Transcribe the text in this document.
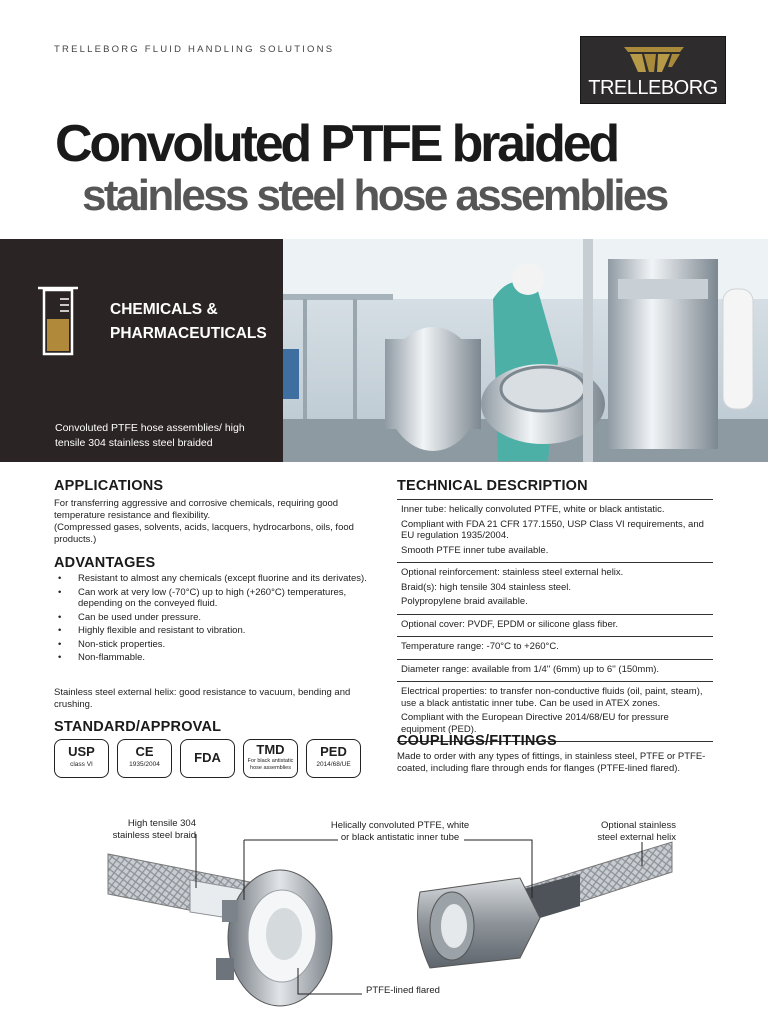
TRELLEBORG FLUID HANDLING SOLUTIONS
TRELLEBORG
Convoluted PTFE braided
stainless steel hose assemblies
CHEMICALS &
PHARMACEUTICALS
Convoluted PTFE hose assemblies/ high tensile 304 stainless steel braided
APPLICATIONS
For transferring aggressive and corrosive chemicals, requiring good temperature resistance and flexibility.
(Compressed gases, solvents, acids, lacquers, hydrocarbons, oils, food products.)
ADVANTAGES
• Resistant to almost any chemicals (except fluorine and its derivates).
• Can work at very low (-70°C) up to high (+260°C) temperatures, depending on the conveyed fluid.
• Can be used under pressure.
• Highly flexible and resistant to vibration.
• Non-stick properties.
• Non-flammable.
Stainless steel external helix: good resistance to vacuum, bending and crushing.
STANDARD/APPROVAL
USP
class VI
CE
1935/2004	FDA
TMD
For black antistatic hose assemblies
PED
2014/68/UE
TECHNICAL DESCRIPTION

Inner tube: helically convoluted PTFE, white or black antistatic.

Compliant with FDA 21 CFR 177.1550, USP Class VI requirements, and EU regulation 1935/2004.

Smooth PTFE inner tube available.

Optional reinforcement: stainless steel external helix.

Braid(s): high tensile 304 stainless steel.

Polypropylene braid available.

Optional cover: PVDF, EPDM or silicone glass fiber.

Temperature range: -70°C to +260°C.

Diameter range: available from 1/4'' (6mm) up to 6'' (150mm).

Electrical properties: to transfer non-conductive fluids (oil, paint, steam), use a black antistatic inner tube. Can be used in ATEX zones.

Compliant with the European Directive 2014/68/EU for pressure equipment (PED).

COUPLINGS/FITTINGS
Made to order with any types of fittings, in stainless steel, PTFE or PTFE-coated, including flare through ends for flanges (PTFE-lined flared).
High tensile 304 stainless steel braid
Helically convoluted PTFE, white or black antistatic inner tube
Optional stainless steel external helix
PTFE-lined flared
